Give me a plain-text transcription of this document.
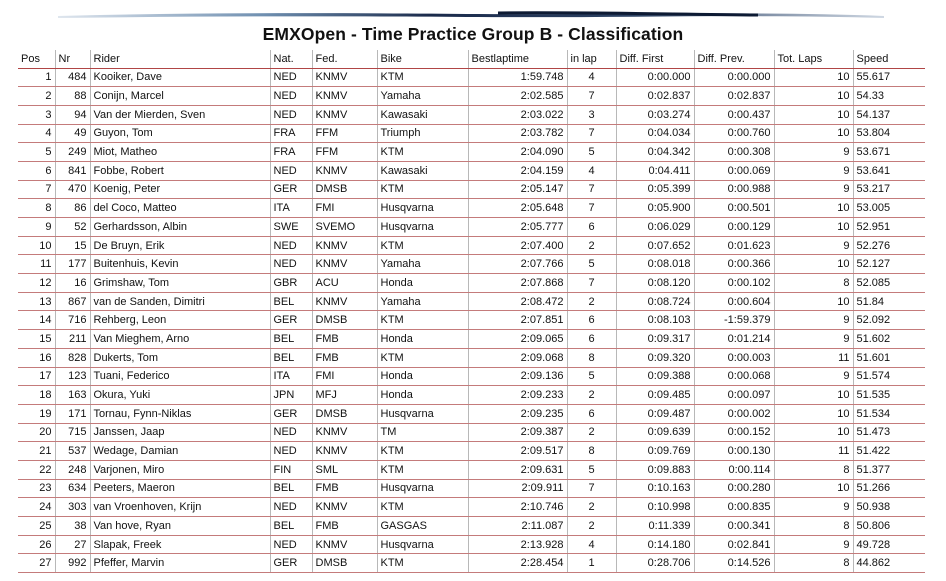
EMXOpen - Time Practice Group B - Classification
Pos	Nr	Rider	Nat.	Fed.	Bike	Bestlaptime	in lap	Diff. First	Diff. Prev.	Tot. Laps	Speed
1	484	Kooiker, Dave	NED	KNMV	KTM	1:59.748	4	0:00.000	0:00.000	10	55.617
2	88	Conijn, Marcel	NED	KNMV	Yamaha	2:02.585	7	0:02.837	0:02.837	10	54.33
3	94	Van der Mierden, Sven	NED	KNMV	Kawasaki	2:03.022	3	0:03.274	0:00.437	10	54.137
4	49	Guyon, Tom	FRA	FFM	Triumph	2:03.782	7	0:04.034	0:00.760	10	53.804
5	249	Miot, Matheo	FRA	FFM	KTM	2:04.090	5	0:04.342	0:00.308	9	53.671
6	841	Fobbe, Robert	NED	KNMV	Kawasaki	2:04.159	4	0:04.411	0:00.069	9	53.641
7	470	Koenig, Peter	GER	DMSB	KTM	2:05.147	7	0:05.399	0:00.988	9	53.217
8	86	del Coco, Matteo	ITA	FMI	Husqvarna	2:05.648	7	0:05.900	0:00.501	10	53.005
9	52	Gerhardsson, Albin	SWE	SVEMO	Husqvarna	2:05.777	6	0:06.029	0:00.129	10	52.951
10	15	De Bruyn, Erik	NED	KNMV	KTM	2:07.400	2	0:07.652	0:01.623	9	52.276
11	177	Buitenhuis, Kevin	NED	KNMV	Yamaha	2:07.766	5	0:08.018	0:00.366	10	52.127
12	16	Grimshaw, Tom	GBR	ACU	Honda	2:07.868	7	0:08.120	0:00.102	8	52.085
13	867	van de Sanden, Dimitri	BEL	KNMV	Yamaha	2:08.472	2	0:08.724	0:00.604	10	51.84
14	716	Rehberg, Leon	GER	DMSB	KTM	2:07.851	6	0:08.103	-1:59.379	9	52.092
15	211	Van Mieghem, Arno	BEL	FMB	Honda	2:09.065	6	0:09.317	0:01.214	9	51.602
16	828	Dukerts, Tom	BEL	FMB	KTM	2:09.068	8	0:09.320	0:00.003	11	51.601
17	123	Tuani, Federico	ITA	FMI	Honda	2:09.136	5	0:09.388	0:00.068	9	51.574
18	163	Okura, Yuki	JPN	MFJ	Honda	2:09.233	2	0:09.485	0:00.097	10	51.535
19	171	Tornau, Fynn-Niklas	GER	DMSB	Husqvarna	2:09.235	6	0:09.487	0:00.002	10	51.534
20	715	Janssen, Jaap	NED	KNMV	TM	2:09.387	2	0:09.639	0:00.152	10	51.473
21	537	Wedage, Damian	NED	KNMV	KTM	2:09.517	8	0:09.769	0:00.130	11	51.422
22	248	Varjonen, Miro	FIN	SML	KTM	2:09.631	5	0:09.883	0:00.114	8	51.377
23	634	Peeters, Maeron	BEL	FMB	Husqvarna	2:09.911	7	0:10.163	0:00.280	10	51.266
24	303	van Vroenhoven, Krijn	NED	KNMV	KTM	2:10.746	2	0:10.998	0:00.835	9	50.938
25	38	Van hove, Ryan	BEL	FMB	GASGAS	2:11.087	2	0:11.339	0:00.341	8	50.806
26	27	Slapak, Freek	NED	KNMV	Husqvarna	2:13.928	4	0:14.180	0:02.841	9	49.728
27	992	Pfeffer, Marvin	GER	DMSB	KTM	2:28.454	1	0:28.706	0:14.526	8	44.862
